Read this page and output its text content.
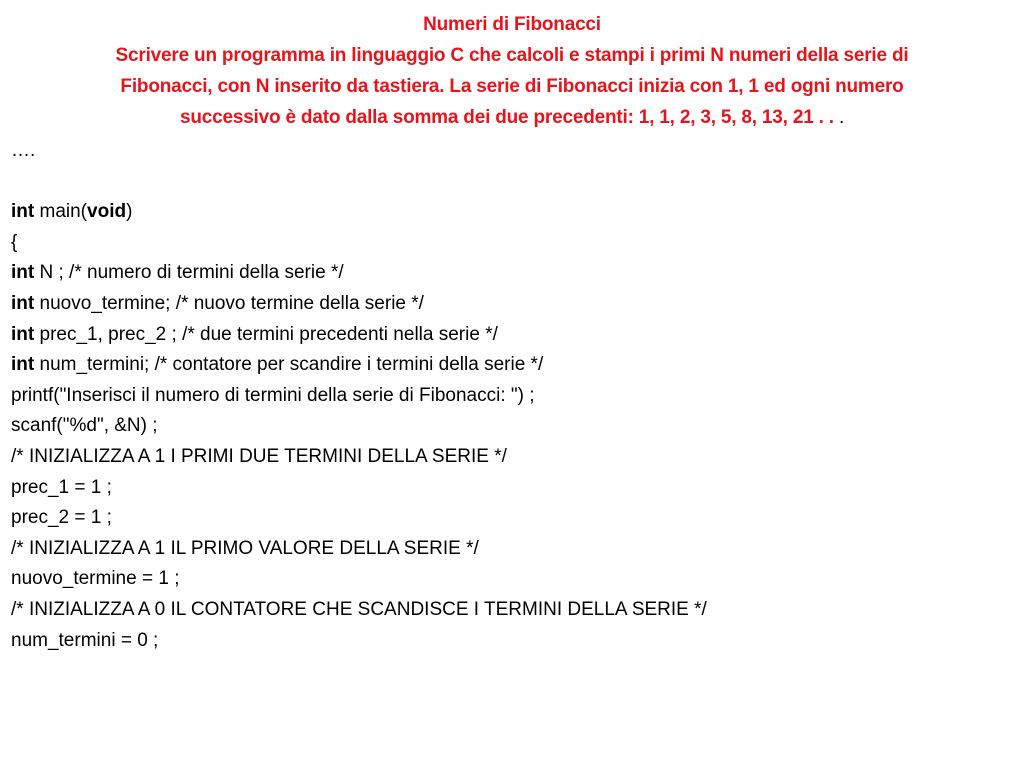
Numeri di Fibonacci
Scrivere un programma in linguaggio C che calcoli e stampi i primi N numeri della serie di
Fibonacci, con N inserito da tastiera. La serie di Fibonacci inizia con 1, 1 ed ogni numero
successivo è dato dalla somma dei due precedenti: 1, 1, 2, 3, 5, 8, 13, 21 . . .
….
int main(void)
{
int N ; /* numero di termini della serie */
int nuovo_termine; /* nuovo termine della serie */
int prec_1, prec_2 ; /* due termini precedenti nella serie */
int num_termini; /* contatore per scandire i termini della serie */
printf("Inserisci il numero di termini della serie di Fibonacci: ") ;
scanf("%d", &N) ;
/* INIZIALIZZA A 1 I PRIMI DUE TERMINI DELLA SERIE */
prec_1 = 1 ;
prec_2 = 1 ;
/* INIZIALIZZA A 1 IL PRIMO VALORE DELLA SERIE */
nuovo_termine = 1 ;
/* INIZIALIZZA A 0 IL CONTATORE CHE SCANDISCE I TERMINI DELLA SERIE */
num_termini = 0 ;
